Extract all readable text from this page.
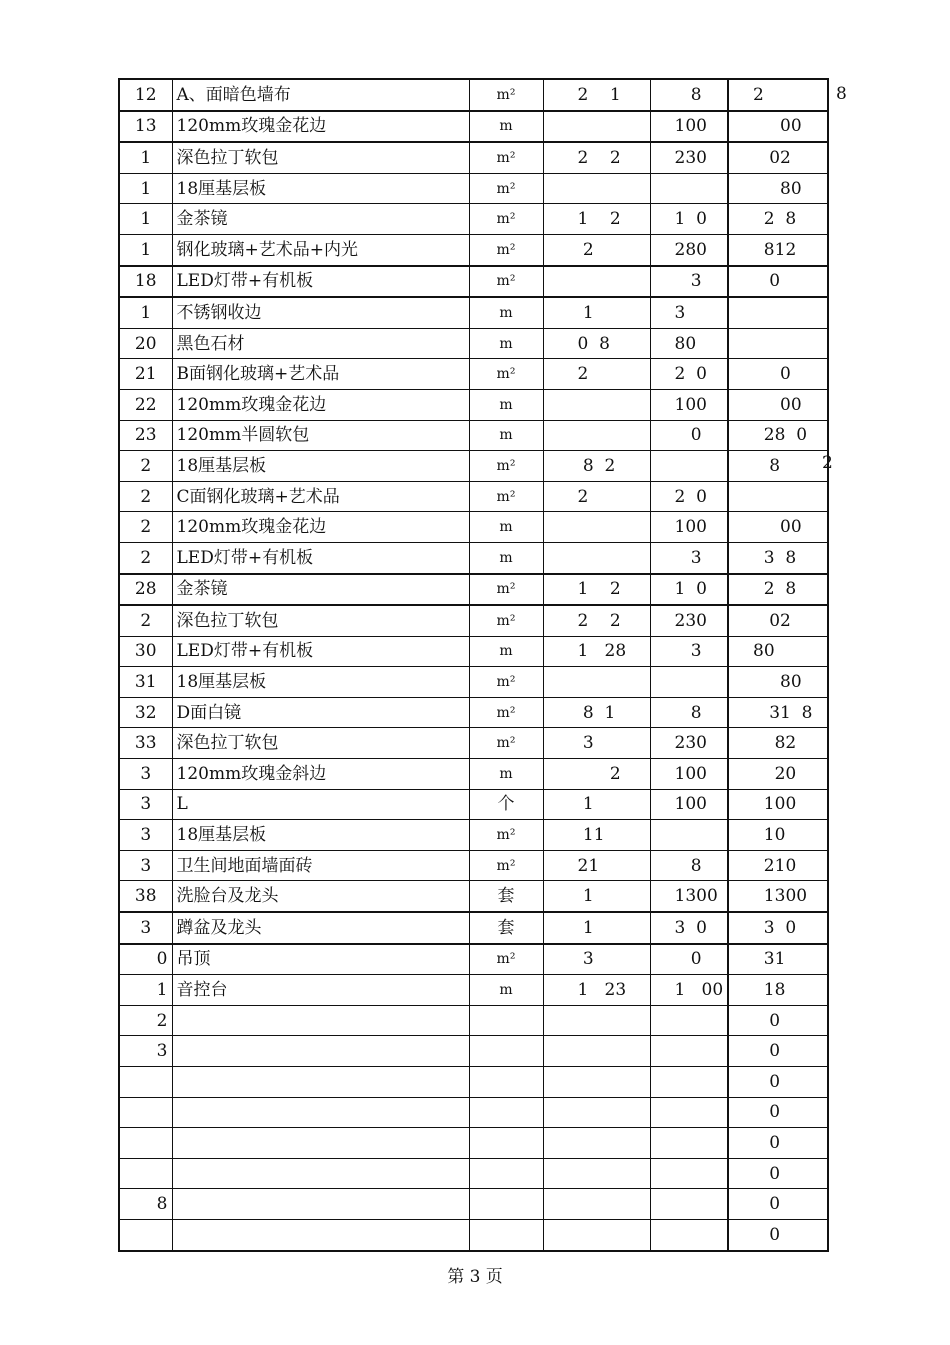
12	A、面暗色墙布	m²	2    1	8	2
13	120mm玫瑰金花边	m		100	00
1	深色拉丁软包	m²	2    2	230	02
1	18厘基层板	m²			80
1	金茶镜	m²	1    2	1  0	2  8
1	钢化玻璃+艺术品+内光	m²	2	280	812
18	LED灯带+有机板	m²		3	0
1	不锈钢收边	m	1	3	
20	黑色石材	m	0  8	80	
21	B面钢化玻璃+艺术品	m²	2	2  0	0
22	120mm玫瑰金花边	m		100	00
23	120mm半圆软包	m		0	28  0
2	18厘基层板	m²	8  2		8
2	C面钢化玻璃+艺术品	m²	2	2  0	
2	120mm玫瑰金花边	m		100	00
2	LED灯带+有机板	m		3	3  8
28	金茶镜	m²	1    2	1  0	2  8
2	深色拉丁软包	m²	2    2	230	02
30	LED灯带+有机板	m	1   28	3	80
31	18厘基层板	m²			80
32	D面白镜	m²	8  1	8	31  8
33	深色拉丁软包	m²	3	230	82
3	120mm玫瑰金斜边	m	2	100	20
3	L	个	1	100	100
3	18厘基层板	m²	11		10
3	卫生间地面墙面砖	m²	21	8	210
38	洗脸台及龙头	套	1	1300	1300
3	蹲盆及龙头	套	1	3  0	3  0
0	吊顶	m²	3	0	31
1	音控台	m	1   23	1   00	18
2					0
3					0
					0
					0
					0
					0
8					0
					0
8
2
第 3 页
